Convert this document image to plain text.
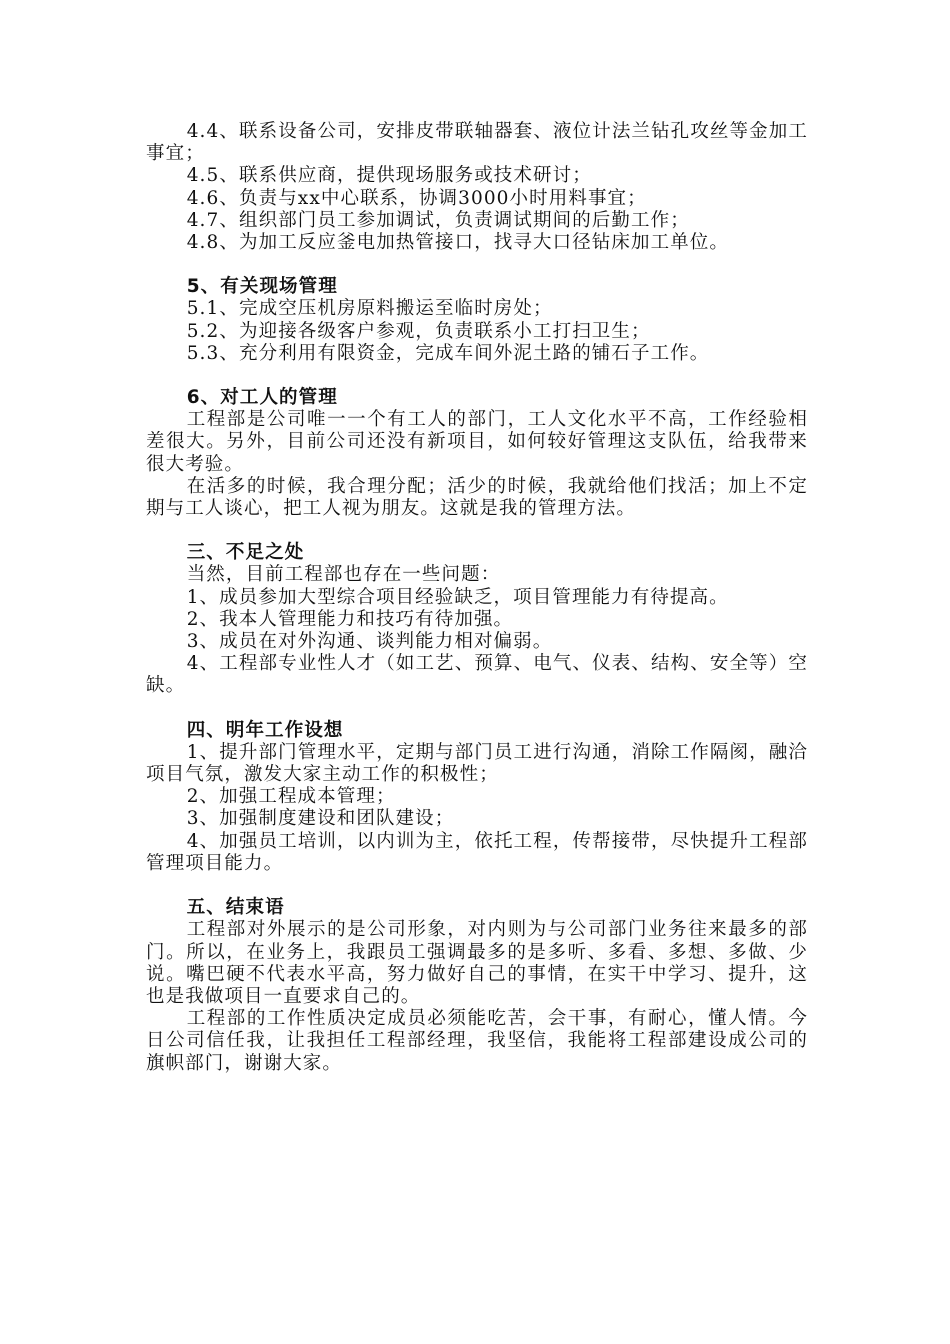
4.4、联系设备公司，安排皮带联轴器套、液位计法兰钻孔攻丝等金加工事宜；

4.5、联系供应商，提供现场服务或技术研讨；

4.6、负责与xx中心联系，协调3000小时用料事宜；

4.7、组织部门员工参加调试，负责调试期间的后勤工作；

4.8、为加工反应釜电加热管接口，找寻大口径钻床加工单位。

5、有关现场管理

5.1、完成空压机房原料搬运至临时房处；

5.2、为迎接各级客户参观，负责联系小工打扫卫生；

5.3、充分利用有限资金，完成车间外泥土路的铺石子工作。

6、对工人的管理

工程部是公司唯一一个有工人的部门，工人文化水平不高，工作经验相差很大。另外，目前公司还没有新项目，如何较好管理这支队伍，给我带来很大考验。

在活多的时候，我合理分配；活少的时候，我就给他们找活；加上不定期与工人谈心，把工人视为朋友。这就是我的管理方法。

三、不足之处

当然，目前工程部也存在一些问题：

1、成员参加大型综合项目经验缺乏，项目管理能力有待提高。

2、我本人管理能力和技巧有待加强。

3、成员在对外沟通、谈判能力相对偏弱。

4、工程部专业性人才（如工艺、预算、电气、仪表、结构、安全等）空缺。

四、明年工作设想

1、提升部门管理水平，定期与部门员工进行沟通，消除工作隔阂，融洽项目气氛，激发大家主动工作的积极性；

2、加强工程成本管理；

3、加强制度建设和团队建设；

4、加强员工培训，以内训为主，依托工程，传帮接带，尽快提升工程部管理项目能力。

五、结束语

工程部对外展示的是公司形象，对内则为与公司部门业务往来最多的部门。所以，在业务上，我跟员工强调最多的是多听、多看、多想、多做、少说。嘴巴硬不代表水平高，努力做好自己的事情，在实干中学习、提升，这也是我做项目一直要求自己的。

工程部的工作性质决定成员必须能吃苦，会干事，有耐心，懂人情。今日公司信任我，让我担任工程部经理，我坚信，我能将工程部建设成公司的旗帜部门，谢谢大家。
